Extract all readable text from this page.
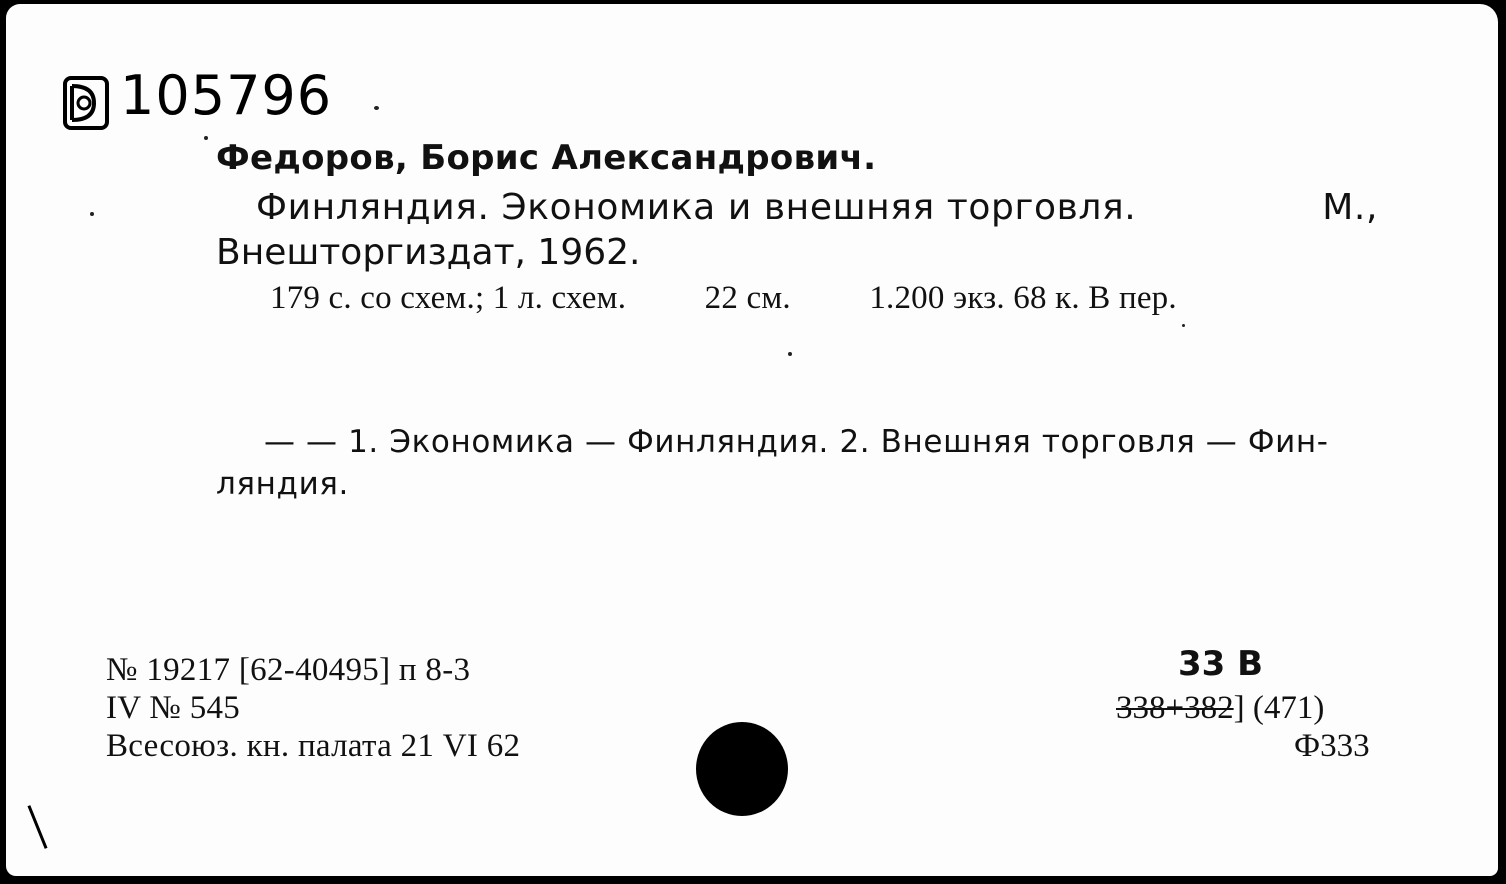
105796
Федоров, Борис Александрович.
Финляндия. Экономика и внешняя торговля.	М.,
Внешторгиздат, 1962.
179 с. со схем.; 1 л. схем. 22 см. 1.200 экз. 68 к. В пер.
— — 1. Экономика — Финляндия. 2. Внешняя торговля — Фин-
ляндия.
№ 19217 [62-40495] п 8-3
IV № 545
Всесоюз. кн. палата 21 VI 62
33 В
338+382] (471)
Ф333
